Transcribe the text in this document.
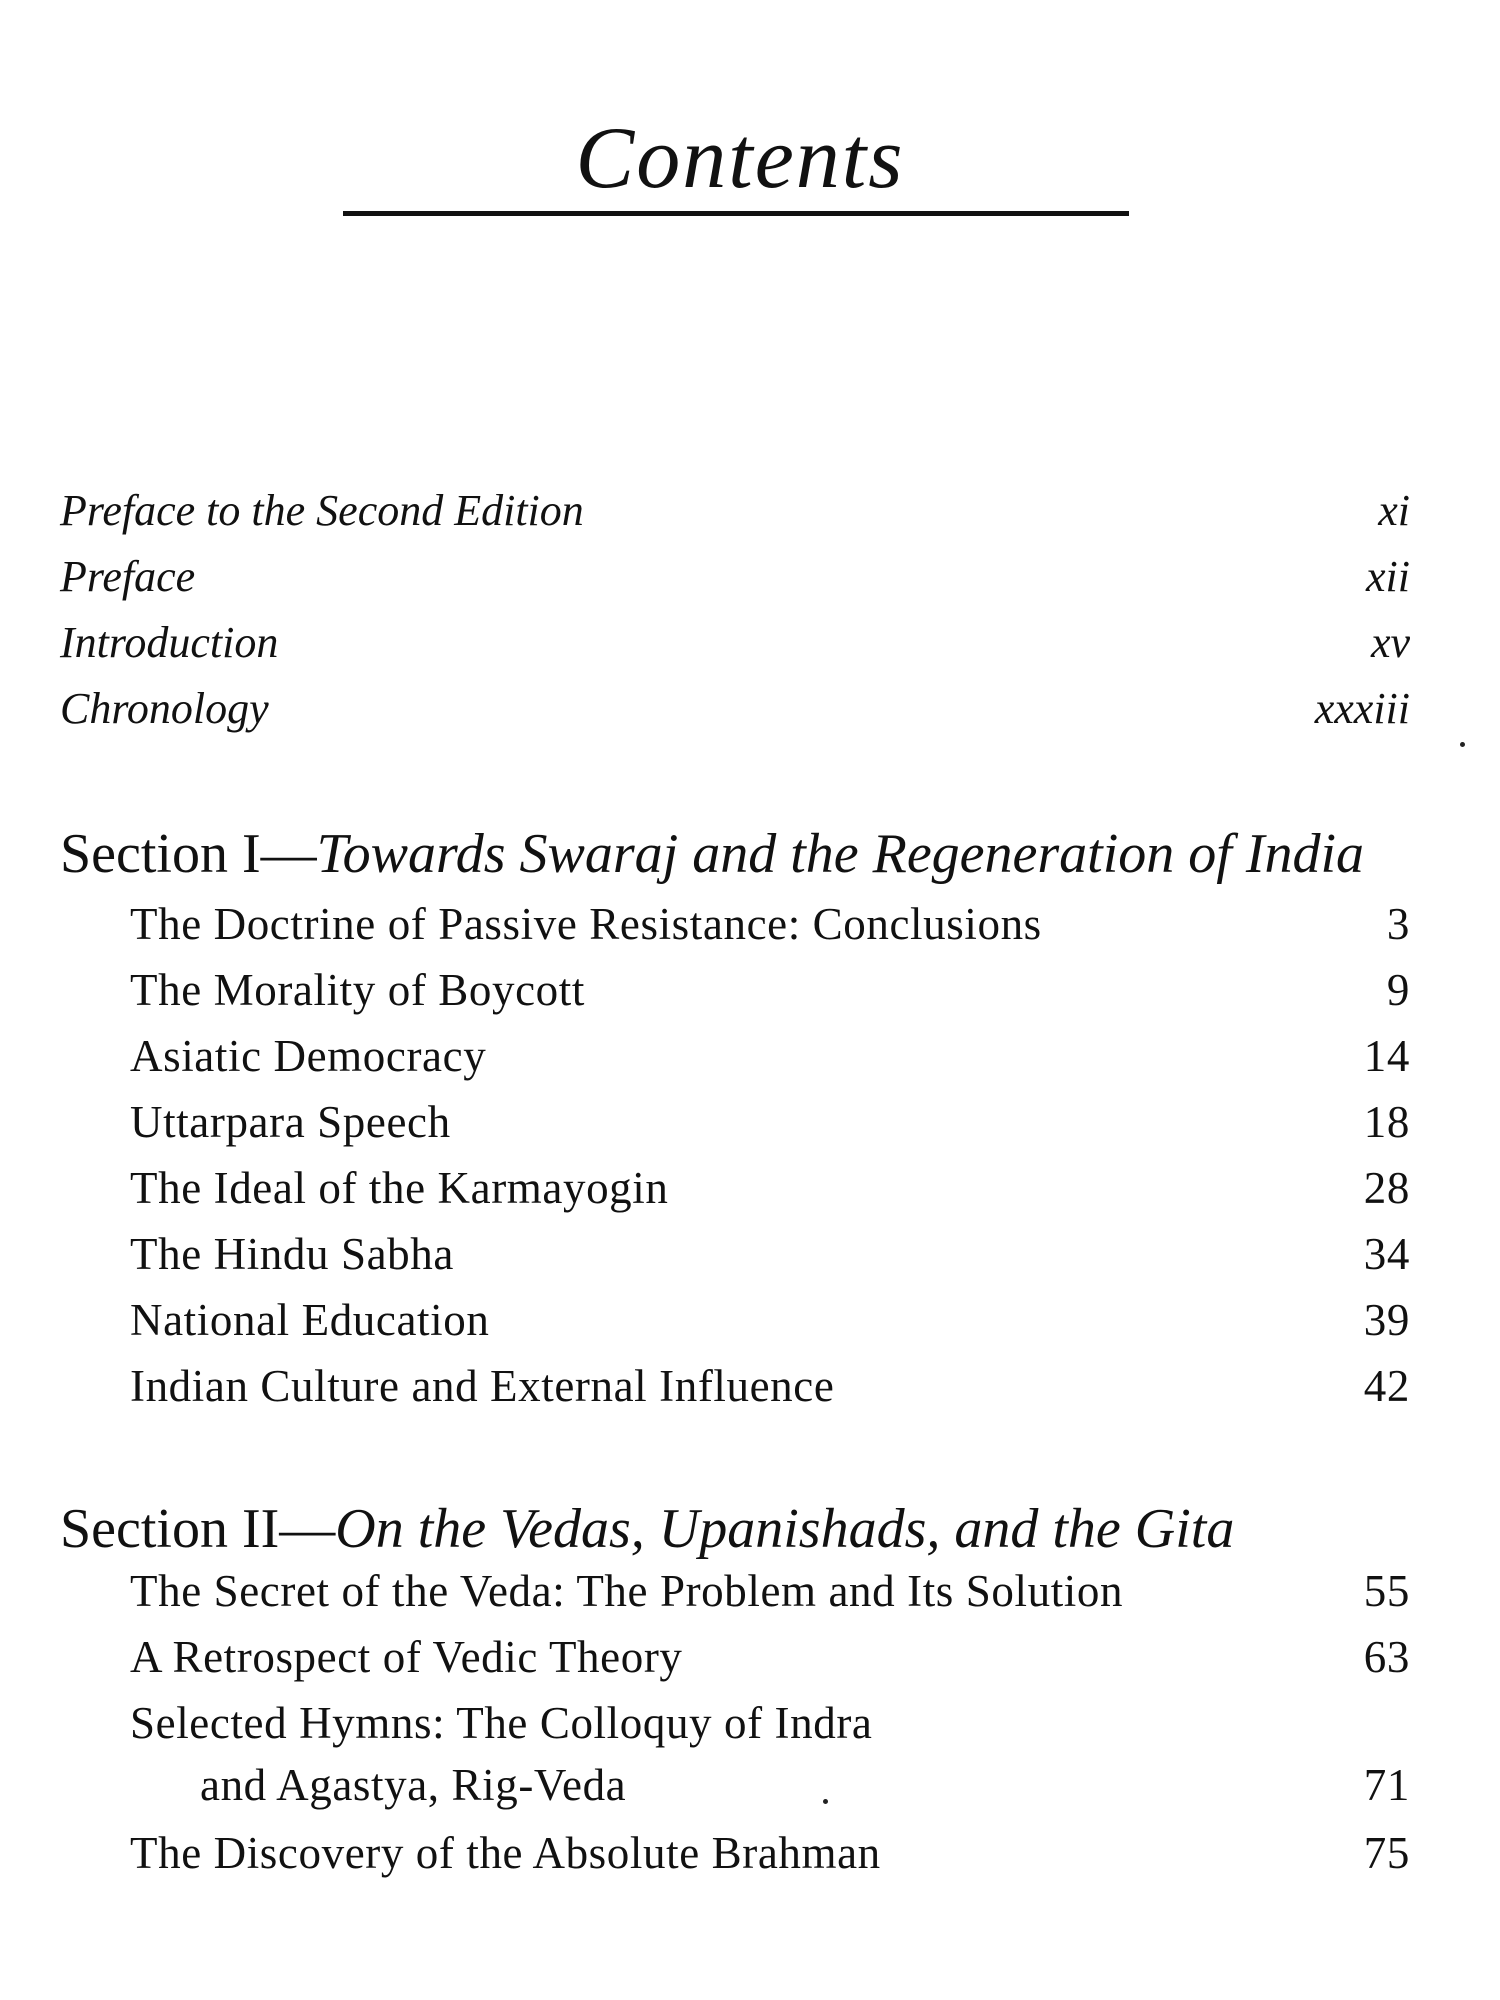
Contents
Preface to the Second Edition	xi
Preface	xii
Introduction	xv
Chronology	xxxiii
Section I—Towards Swaraj and the Regeneration of India
The Doctrine of Passive Resistance: Conclusions	3
The Morality of Boycott	9
Asiatic Democracy	14
Uttarpara Speech	18
The Ideal of the Karmayogin	28
The Hindu Sabha	34
National Education	39
Indian Culture and External Influence	42
Section II—On the Vedas, Upanishads, and the Gita
The Secret of the Veda: The Problem and Its Solution	55
A Retrospect of Vedic Theory	63
Selected Hymns: The Colloquy of Indra
and Agastya, Rig-Veda	71
The Discovery of the Absolute Brahman	75
